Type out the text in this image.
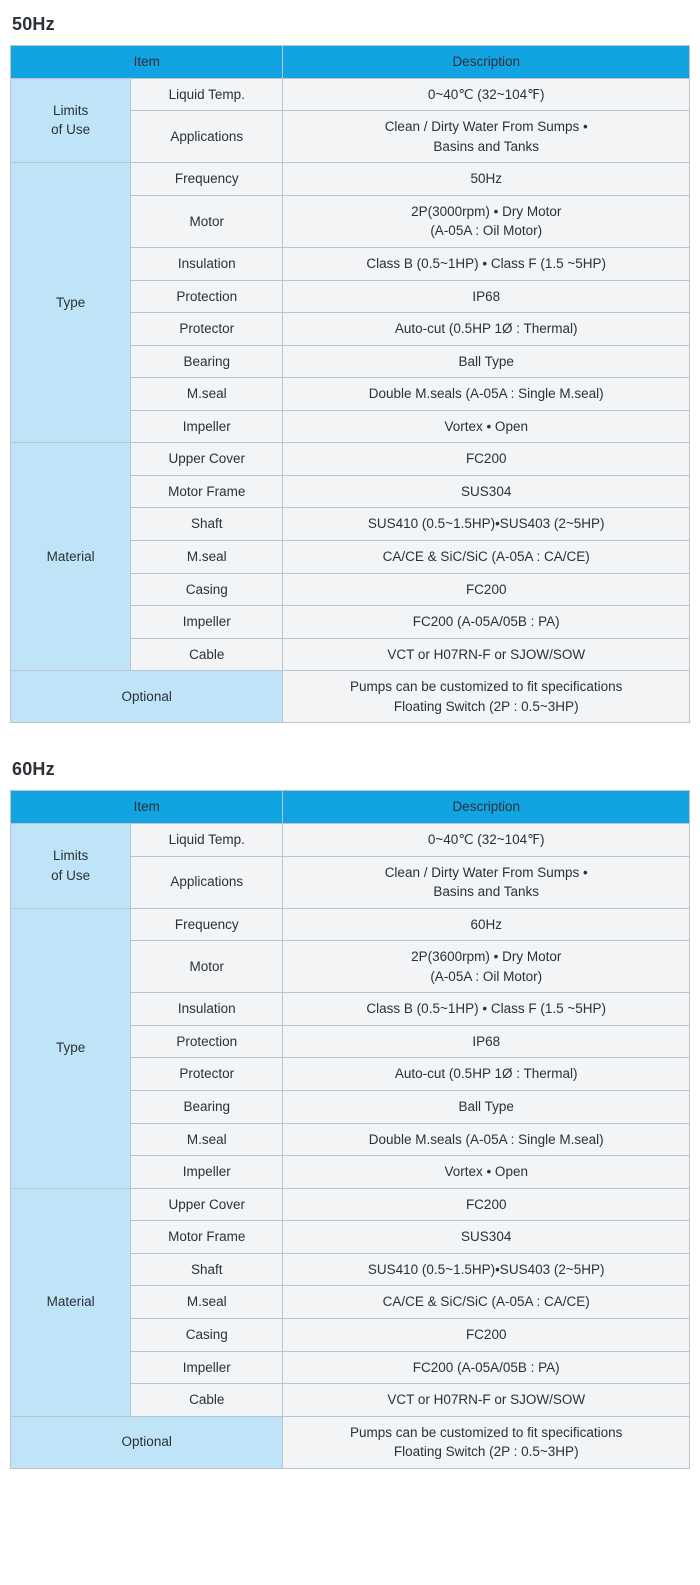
50Hz
Item		Description

Limits
of Use	Liquid Temp.	0~40℃ (32~104℉)
	Applications	Clean / Dirty Water From Sumps •
Basins and Tanks
Type	Frequency	50Hz
	Motor	2P(3000rpm) • Dry Motor
(A-05A : Oil Motor)
	Insulation	Class B (0.5~1HP) • Class F (1.5 ~5HP)
	Protection	IP68
	Protector	Auto-cut (0.5HP 1Ø : Thermal)
	Bearing	Ball Type
	M.seal	Double M.seals (A-05A : Single M.seal)
	Impeller	Vortex • Open
Material	Upper Cover	FC200
	Motor Frame	SUS304
	Shaft	SUS410 (0.5~1.5HP)•SUS403 (2~5HP)
	M.seal	CA/CE & SiC/SiC (A-05A : CA/CE)
	Casing	FC200
	Impeller	FC200 (A-05A/05B : PA)
	Cable	VCT or H07RN-F or SJOW/SOW
Optional		Pumps can be customized to fit specifications
Floating Switch (2P : 0.5~3HP)
60Hz
Item		Description

Limits
of Use	Liquid Temp.	0~40℃ (32~104℉)
	Applications	Clean / Dirty Water From Sumps •
Basins and Tanks
Type	Frequency	60Hz
	Motor	2P(3600rpm) • Dry Motor
(A-05A : Oil Motor)
	Insulation	Class B (0.5~1HP) • Class F (1.5 ~5HP)
	Protection	IP68
	Protector	Auto-cut (0.5HP 1Ø : Thermal)
	Bearing	Ball Type
	M.seal	Double M.seals (A-05A : Single M.seal)
	Impeller	Vortex • Open
Material	Upper Cover	FC200
	Motor Frame	SUS304
	Shaft	SUS410 (0.5~1.5HP)•SUS403 (2~5HP)
	M.seal	CA/CE & SiC/SiC (A-05A : CA/CE)
	Casing	FC200
	Impeller	FC200 (A-05A/05B : PA)
	Cable	VCT or H07RN-F or SJOW/SOW
Optional		Pumps can be customized to fit specifications
Floating Switch (2P : 0.5~3HP)
